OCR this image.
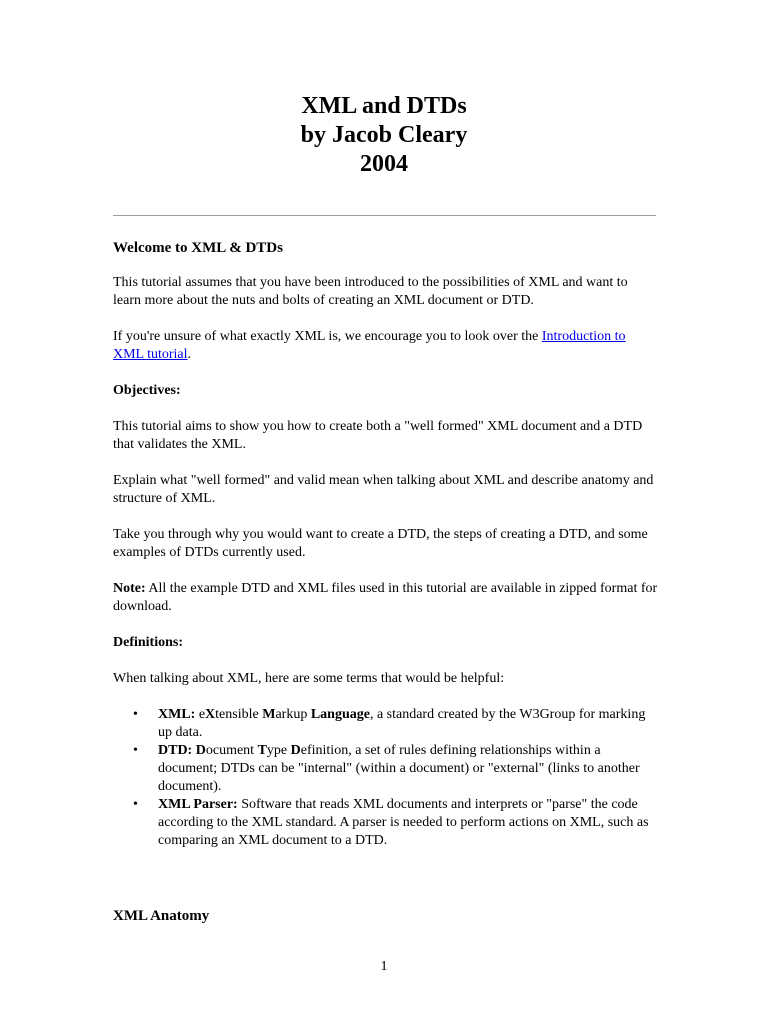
XML and DTDs
by Jacob Cleary
2004

Welcome to XML & DTDs

This tutorial assumes that you have been introduced to the possibilities of XML and want to learn more about the nuts and bolts of creating an XML document or DTD.

If you're unsure of what exactly XML is, we encourage you to look over the Introduction to XML tutorial.

Objectives:

This tutorial aims to show you how to create both a "well formed" XML document and a DTD that validates the XML.

Explain what "well formed" and valid mean when talking about XML and describe anatomy and structure of XML.

Take you through why you would want to create a DTD, the steps of creating a DTD, and some examples of DTDs currently used.

Note: All the example DTD and XML files used in this tutorial are available in zipped format for download.

Definitions:

When talking about XML, here are some terms that would be helpful:

• XML: eXtensible Markup Language, a standard created by the W3Group for marking up data.
• DTD: Document Type Definition, a set of rules defining relationships within a document; DTDs can be "internal" (within a document) or "external" (links to another document).
• XML Parser: Software that reads XML documents and interprets or "parse" the code according to the XML standard. A parser is needed to perform actions on XML, such as comparing an XML document to a DTD.
XML Anatomy
1
